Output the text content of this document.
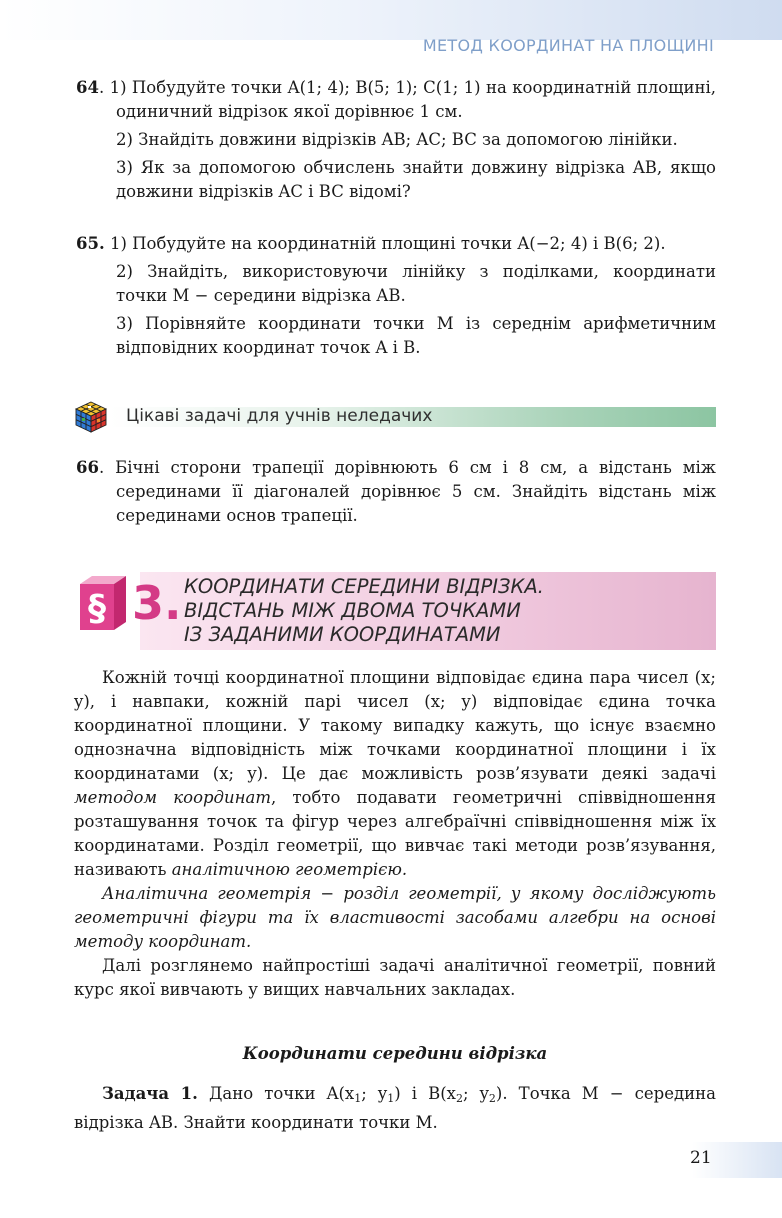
МЕТОД КООРДИНАТ НА ПЛОЩИНІ

64. 1) Побудуйте точки A(1; 4); B(5; 1); C(1; 1) на координатній площині, одиничний відрізок якої дорівнює 1 см.

2) Знайдіть довжини відрізків AB; AC; BC за допомогою лінійки.

3) Як за допомогою обчислень знайти довжину відрізка AB, якщо довжини відрізків AC і BC відомі?

65. 1) Побудуйте на координатній площині точки A(−2; 4) і B(6; 2).

2) Знайдіть, використовуючи лінійку з поділками, координати точки M − середини відрізка AB.

3) Порівняйте координати точки M із середнім арифметичним відповідних координат точок A і B.

Цікаві задачі для учнів неледачих

66. Бічні сторони трапеції дорівнюють 6 см і 8 см, а відстань між серединами її діагоналей дорівнює 5 см. Знайдіть відстань між серединами основ трапеції.

§ 3. КООРДИНАТИ СЕРЕДИНИ ВІДРІЗКА.
ВІДСТАНЬ МІЖ ДВОМА ТОЧКАМИ
ІЗ ЗАДАНИМИ КООРДИНАТАМИ

Кожній точці координатної площини відповідає єдина пара чисел (x; y), і навпаки, кожній парі чисел (x; y) відповідає єдина точка координатної площини. У такому випадку кажуть, що існує взаємно однозначна відповідність між точками координатної площини і їх координатами (x; y). Це дає можливість розв’язувати деякі задачі методом координат, тобто подавати геометричні співвідношення розташування точок та фігур через алгебраїчні співвідношення між їх координатами. Розділ геометрії, що вивчає такі методи розв’язування, називають аналітичною геометрією.

Аналітична геометрія − розділ геометрії, у якому досліджують геометричні фігури та їх властивості засобами алгебри на основі методу координат.

Далі розглянемо найпростіші задачі аналітичної геометрії, повний курс якої вивчають у вищих навчальних закладах.

Координати середини відрізка

Задача 1. Дано точки $A(x_1$; $y_1$) і $B(x_2$; $y_2$). Точка M − середина відрізка AB. Знайти координати точки M.

21
